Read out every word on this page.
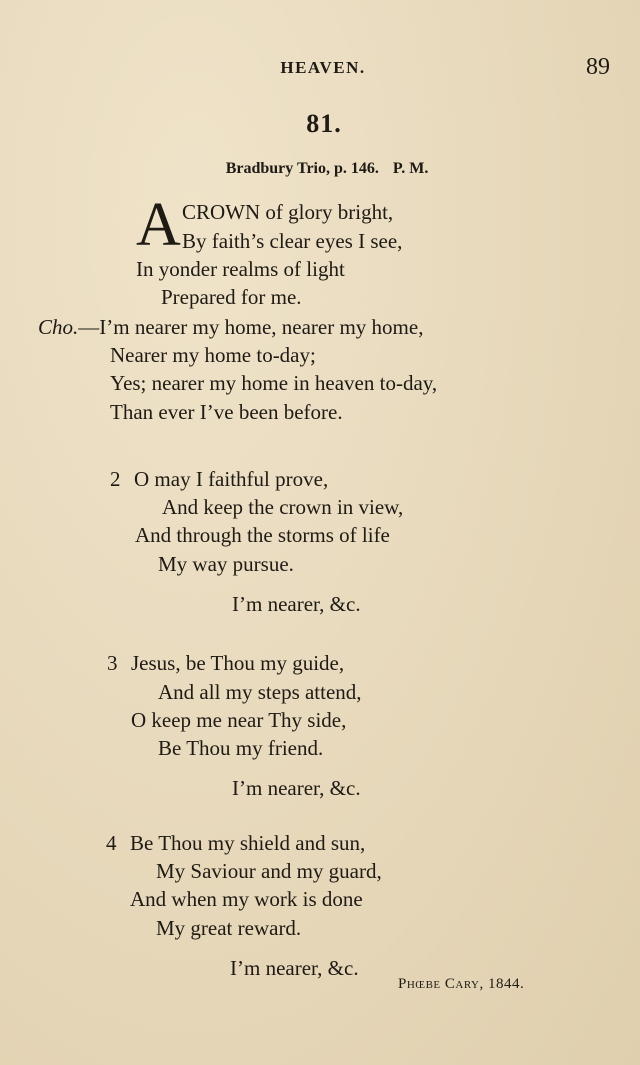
HEAVEN.	89
81.
Bradbury Trio, p. 146. P. M.
A CROWN of glory bright,
By faith’s clear eyes I see,
In yonder realms of light
Prepared for me.
Cho.—I’m nearer my home, nearer my home,
Nearer my home to-day;
Yes; nearer my home in heaven to-day,
Than ever I’ve been before.
2 O may I faithful prove,
And keep the crown in view,
And through the storms of life
My way pursue.
I’m nearer, &c.
3 Jesus, be Thou my guide,
And all my steps attend,
O keep me near Thy side,
Be Thou my friend.
I’m nearer, &c.
4 Be Thou my shield and sun,
My Saviour and my guard,
And when my work is done
My great reward.
I’m nearer, &c.
Phœbe Cary, 1844.
